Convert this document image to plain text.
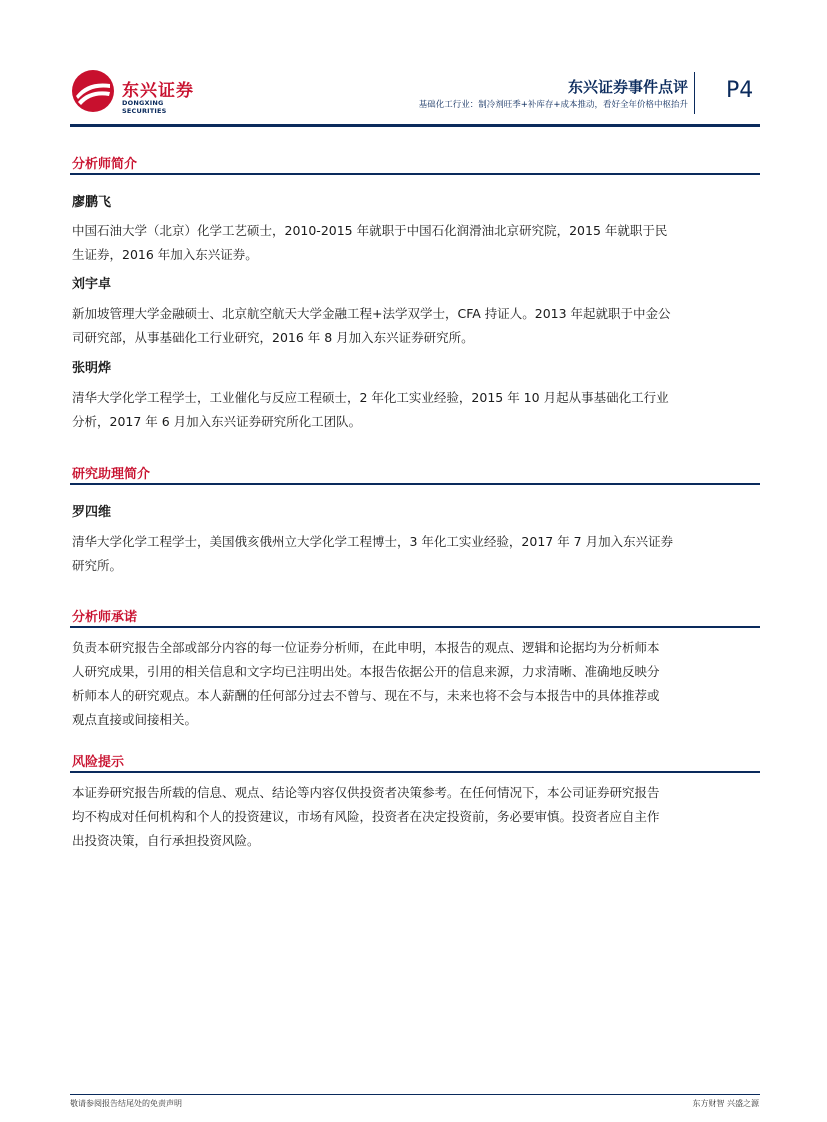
东兴证券
DONGXING SECURITIES
东兴证券事件点评
基础化工行业：制冷剂旺季+补库存+成本推动，看好全年价格中枢抬升
P4
分析师简介
廖鹏飞

中国石油大学（北京）化学工艺硕士，2010-2015 年就职于中国石化润滑油北京研究院，2015 年就职于民
生证券，2016 年加入东兴证券。

刘宇卓

新加坡管理大学金融硕士、北京航空航天大学金融工程+法学双学士，CFA 持证人。2013 年起就职于中金公
司研究部，从事基础化工行业研究，2016 年 8 月加入东兴证券研究所。

张明烨

清华大学化学工程学士，工业催化与反应工程硕士，2 年化工实业经验，2015 年 10 月起从事基础化工行业
分析，2017 年 6 月加入东兴证券研究所化工团队。

研究助理简介
罗四维

清华大学化学工程学士，美国俄亥俄州立大学化学工程博士，3 年化工实业经验，2017 年 7 月加入东兴证券
研究所。

分析师承诺

负责本研究报告全部或部分内容的每一位证券分析师，在此申明，本报告的观点、逻辑和论据均为分析师本
人研究成果，引用的相关信息和文字均已注明出处。本报告依据公开的信息来源，力求清晰、准确地反映分
析师本人的研究观点。本人薪酬的任何部分过去不曾与、现在不与，未来也将不会与本报告中的具体推荐或
观点直接或间接相关。

风险提示

本证券研究报告所载的信息、观点、结论等内容仅供投资者决策参考。在任何情况下，本公司证券研究报告
均不构成对任何机构和个人的投资建议，市场有风险，投资者在决定投资前，务必要审慎。投资者应自主作
出投资决策，自行承担投资风险。

敬请参阅报告结尾处的免责声明	东方财智 兴盛之源
